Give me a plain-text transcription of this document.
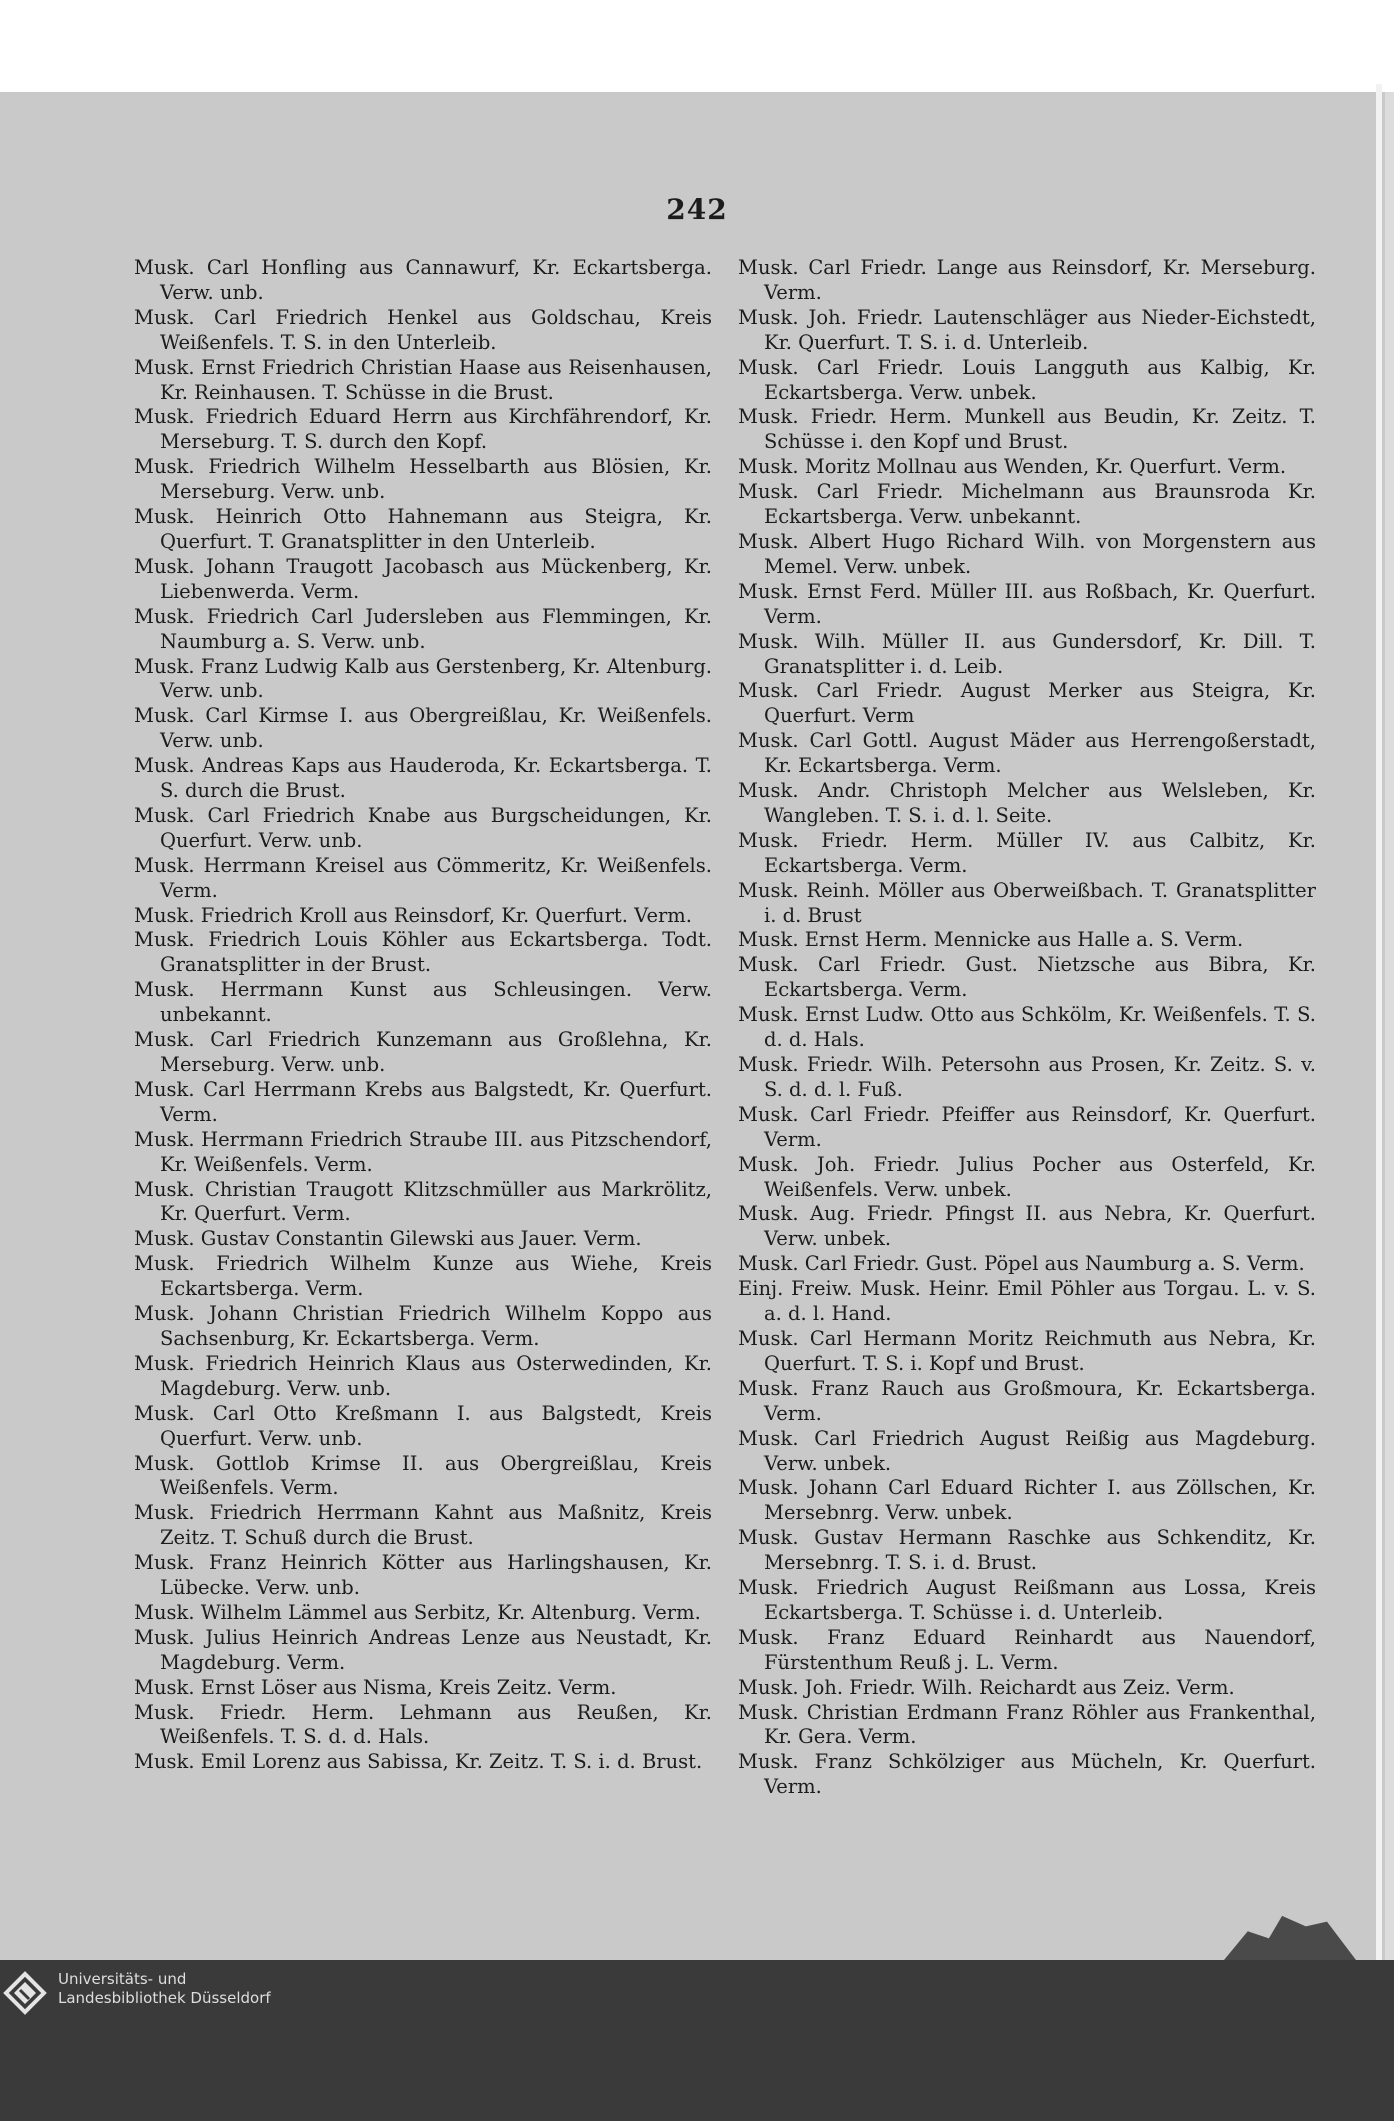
242
Musk. Carl Honfling aus Cannawurf, Kr. Eckartsberga. Verw. unb.
Musk. Carl Friedrich Henkel aus Goldschau, Kreis Weißenfels. T. S. in den Unterleib.
Musk. Ernst Friedrich Christian Haase aus Reisenhausen, Kr. Reinhausen. T. Schüsse in die Brust.
Musk. Friedrich Eduard Herrn aus Kirchfährendorf, Kr. Merseburg. T. S. durch den Kopf.
Musk. Friedrich Wilhelm Hesselbarth aus Blösien, Kr. Merseburg. Verw. unb.
Musk. Heinrich Otto Hahnemann aus Steigra, Kr. Querfurt. T. Granatsplitter in den Unterleib.
Musk. Johann Traugott Jacobasch aus Mückenberg, Kr. Liebenwerda. Verm.
Musk. Friedrich Carl Judersleben aus Flemmingen, Kr. Naumburg a. S. Verw. unb.
Musk. Franz Ludwig Kalb aus Gerstenberg, Kr. Altenburg. Verw. unb.
Musk. Carl Kirmse I. aus Obergreißlau, Kr. Weißenfels. Verw. unb.
Musk. Andreas Kaps aus Hauderoda, Kr. Eckartsberga. T. S. durch die Brust.
Musk. Carl Friedrich Knabe aus Burgscheidungen, Kr. Querfurt. Verw. unb.
Musk. Herrmann Kreisel aus Cömmeritz, Kr. Weißenfels. Verm.
Musk. Friedrich Kroll aus Reinsdorf, Kr. Querfurt. Verm.
Musk. Friedrich Louis Köhler aus Eckartsberga. Todt. Granatsplitter in der Brust.
Musk. Herrmann Kunst aus Schleusingen. Verw. unbekannt.
Musk. Carl Friedrich Kunzemann aus Großlehna, Kr. Merseburg. Verw. unb.
Musk. Carl Herrmann Krebs aus Balgstedt, Kr. Querfurt. Verm.
Musk. Herrmann Friedrich Straube III. aus Pitzschendorf, Kr. Weißenfels. Verm.
Musk. Christian Traugott Klitzschmüller aus Markrölitz, Kr. Querfurt. Verm.
Musk. Gustav Constantin Gilewski aus Jauer. Verm.
Musk. Friedrich Wilhelm Kunze aus Wiehe, Kreis Eckartsberga. Verm.
Musk. Johann Christian Friedrich Wilhelm Koppo aus Sachsenburg, Kr. Eckartsberga. Verm.
Musk. Friedrich Heinrich Klaus aus Osterwedinden, Kr. Magdeburg. Verw. unb.
Musk. Carl Otto Kreßmann I. aus Balgstedt, Kreis Querfurt. Verw. unb.
Musk. Gottlob Krimse II. aus Obergreißlau, Kreis Weißenfels. Verm.
Musk. Friedrich Herrmann Kahnt aus Maßnitz, Kreis Zeitz. T. Schuß durch die Brust.
Musk. Franz Heinrich Kötter aus Harlingshausen, Kr. Lübecke. Verw. unb.
Musk. Wilhelm Lämmel aus Serbitz, Kr. Altenburg. Verm.
Musk. Julius Heinrich Andreas Lenze aus Neustadt, Kr. Magdeburg. Verm.
Musk. Ernst Löser aus Nisma, Kreis Zeitz. Verm.
Musk. Friedr. Herm. Lehmann aus Reußen, Kr. Weißenfels. T. S. d. d. Hals.
Musk. Emil Lorenz aus Sabissa, Kr. Zeitz. T. S. i. d. Brust.
Musk. Carl Friedr. Lange aus Reinsdorf, Kr. Merseburg. Verm.
Musk. Joh. Friedr. Lautenschläger aus Nieder-Eichstedt, Kr. Querfurt. T. S. i. d. Unterleib.
Musk. Carl Friedr. Louis Langguth aus Kalbig, Kr. Eckartsberga. Verw. unbek.
Musk. Friedr. Herm. Munkell aus Beudin, Kr. Zeitz. T. Schüsse i. den Kopf und Brust.
Musk. Moritz Mollnau aus Wenden, Kr. Querfurt. Verm.
Musk. Carl Friedr. Michelmann aus Braunsroda Kr. Eckartsberga. Verw. unbekannt.
Musk. Albert Hugo Richard Wilh. von Morgenstern aus Memel. Verw. unbek.
Musk. Ernst Ferd. Müller III. aus Roßbach, Kr. Querfurt. Verm.
Musk. Wilh. Müller II. aus Gundersdorf, Kr. Dill. T. Granatsplitter i. d. Leib.
Musk. Carl Friedr. August Merker aus Steigra, Kr. Querfurt. Verm
Musk. Carl Gottl. August Mäder aus Herrengoßerstadt, Kr. Eckartsberga. Verm.
Musk. Andr. Christoph Melcher aus Welsleben, Kr. Wangleben. T. S. i. d. l. Seite.
Musk. Friedr. Herm. Müller IV. aus Calbitz, Kr. Eckartsberga. Verm.
Musk. Reinh. Möller aus Oberweißbach. T. Granatsplitter i. d. Brust
Musk. Ernst Herm. Mennicke aus Halle a. S. Verm.
Musk. Carl Friedr. Gust. Nietzsche aus Bibra, Kr. Eckartsberga. Verm.
Musk. Ernst Ludw. Otto aus Schkölm, Kr. Weißenfels. T. S. d. d. Hals.
Musk. Friedr. Wilh. Petersohn aus Prosen, Kr. Zeitz. S. v. S. d. d. l. Fuß.
Musk. Carl Friedr. Pfeiffer aus Reinsdorf, Kr. Querfurt. Verm.
Musk. Joh. Friedr. Julius Pocher aus Osterfeld, Kr. Weißenfels. Verw. unbek.
Musk. Aug. Friedr. Pfingst II. aus Nebra, Kr. Querfurt. Verw. unbek.
Musk. Carl Friedr. Gust. Pöpel aus Naumburg a. S. Verm.
Einj. Freiw. Musk. Heinr. Emil Pöhler aus Torgau. L. v. S. a. d. l. Hand.
Musk. Carl Hermann Moritz Reichmuth aus Nebra, Kr. Querfurt. T. S. i. Kopf und Brust.
Musk. Franz Rauch aus Großmoura, Kr. Eckartsberga. Verm.
Musk. Carl Friedrich August Reißig aus Magdeburg. Verw. unbek.
Musk. Johann Carl Eduard Richter I. aus Zöllschen, Kr. Mersebnrg. Verw. unbek.
Musk. Gustav Hermann Raschke aus Schkenditz, Kr. Mersebnrg. T. S. i. d. Brust.
Musk. Friedrich August Reißmann aus Lossa, Kreis Eckartsberga. T. Schüsse i. d. Unterleib.
Musk. Franz Eduard Reinhardt aus Nauendorf, Fürstenthum Reuß j. L. Verm.
Musk. Joh. Friedr. Wilh. Reichardt aus Zeiz. Verm.
Musk. Christian Erdmann Franz Röhler aus Frankenthal, Kr. Gera. Verm.
Musk. Franz Schkölziger aus Mücheln, Kr. Querfurt. Verm.
Universitäts- und
Landesbibliothek Düsseldorf
